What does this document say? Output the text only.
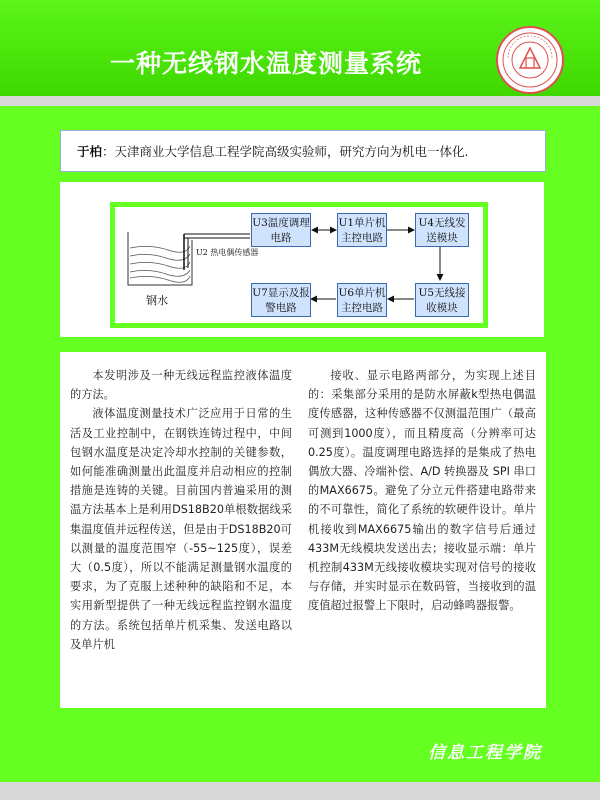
一种无线钢水温度测量系统
于柏：天津商业大学信息工程学院高级实验师，研究方向为机电一体化.
U3温度调理电路
U1单片机主控电路
U4无线发送模块
U7显示及报警电路
U6单片机主控电路
U5无线接收模块
U2 热电偶传感器
钢水

本发明涉及一种无线远程监控液体温度的方法。

液体温度测量技术广泛应用于日常的生活及工业控制中，在钢铁连铸过程中，中间包钢水温度是决定冷却水控制的关键参数，如何能准确测量出此温度并启动相应的控制措施是连铸的关键。目前国内普遍采用的测温方法基本上是利用DS18B20单根数据线采集温度值并远程传送，但是由于DS18B20可以测量的温度范围窄（-55~125度），误差大（0.5度），所以不能满足测量钢水温度的要求，为了克服上述种种的缺陷和不足，本实用新型提供了一种无线远程监控钢水温度的方法。系统包括单片机采集、发送电路以及单片机

接收、显示电路两部分，为实现上述目的：采集部分采用的是防水屏蔽k型热电偶温度传感器，这种传感器不仅测温范围广（最高可测到1000度），而且精度高（分辨率可达0.25度）。温度调理电路选择的是集成了热电偶放大器、冷端补偿、A/D 转换器及 SPI 串口的MAX6675。避免了分立元件搭建电路带来的不可靠性，简化了系统的软硬件设计。单片机接收到MAX6675输出的数字信号后通过433M无线模块发送出去；接收显示端：单片机控制433M无线接收模块实现对信号的接收与存储，并实时显示在数码管，当接收到的温度值超过报警上下限时，启动蜂鸣器报警。

信息工程学院
